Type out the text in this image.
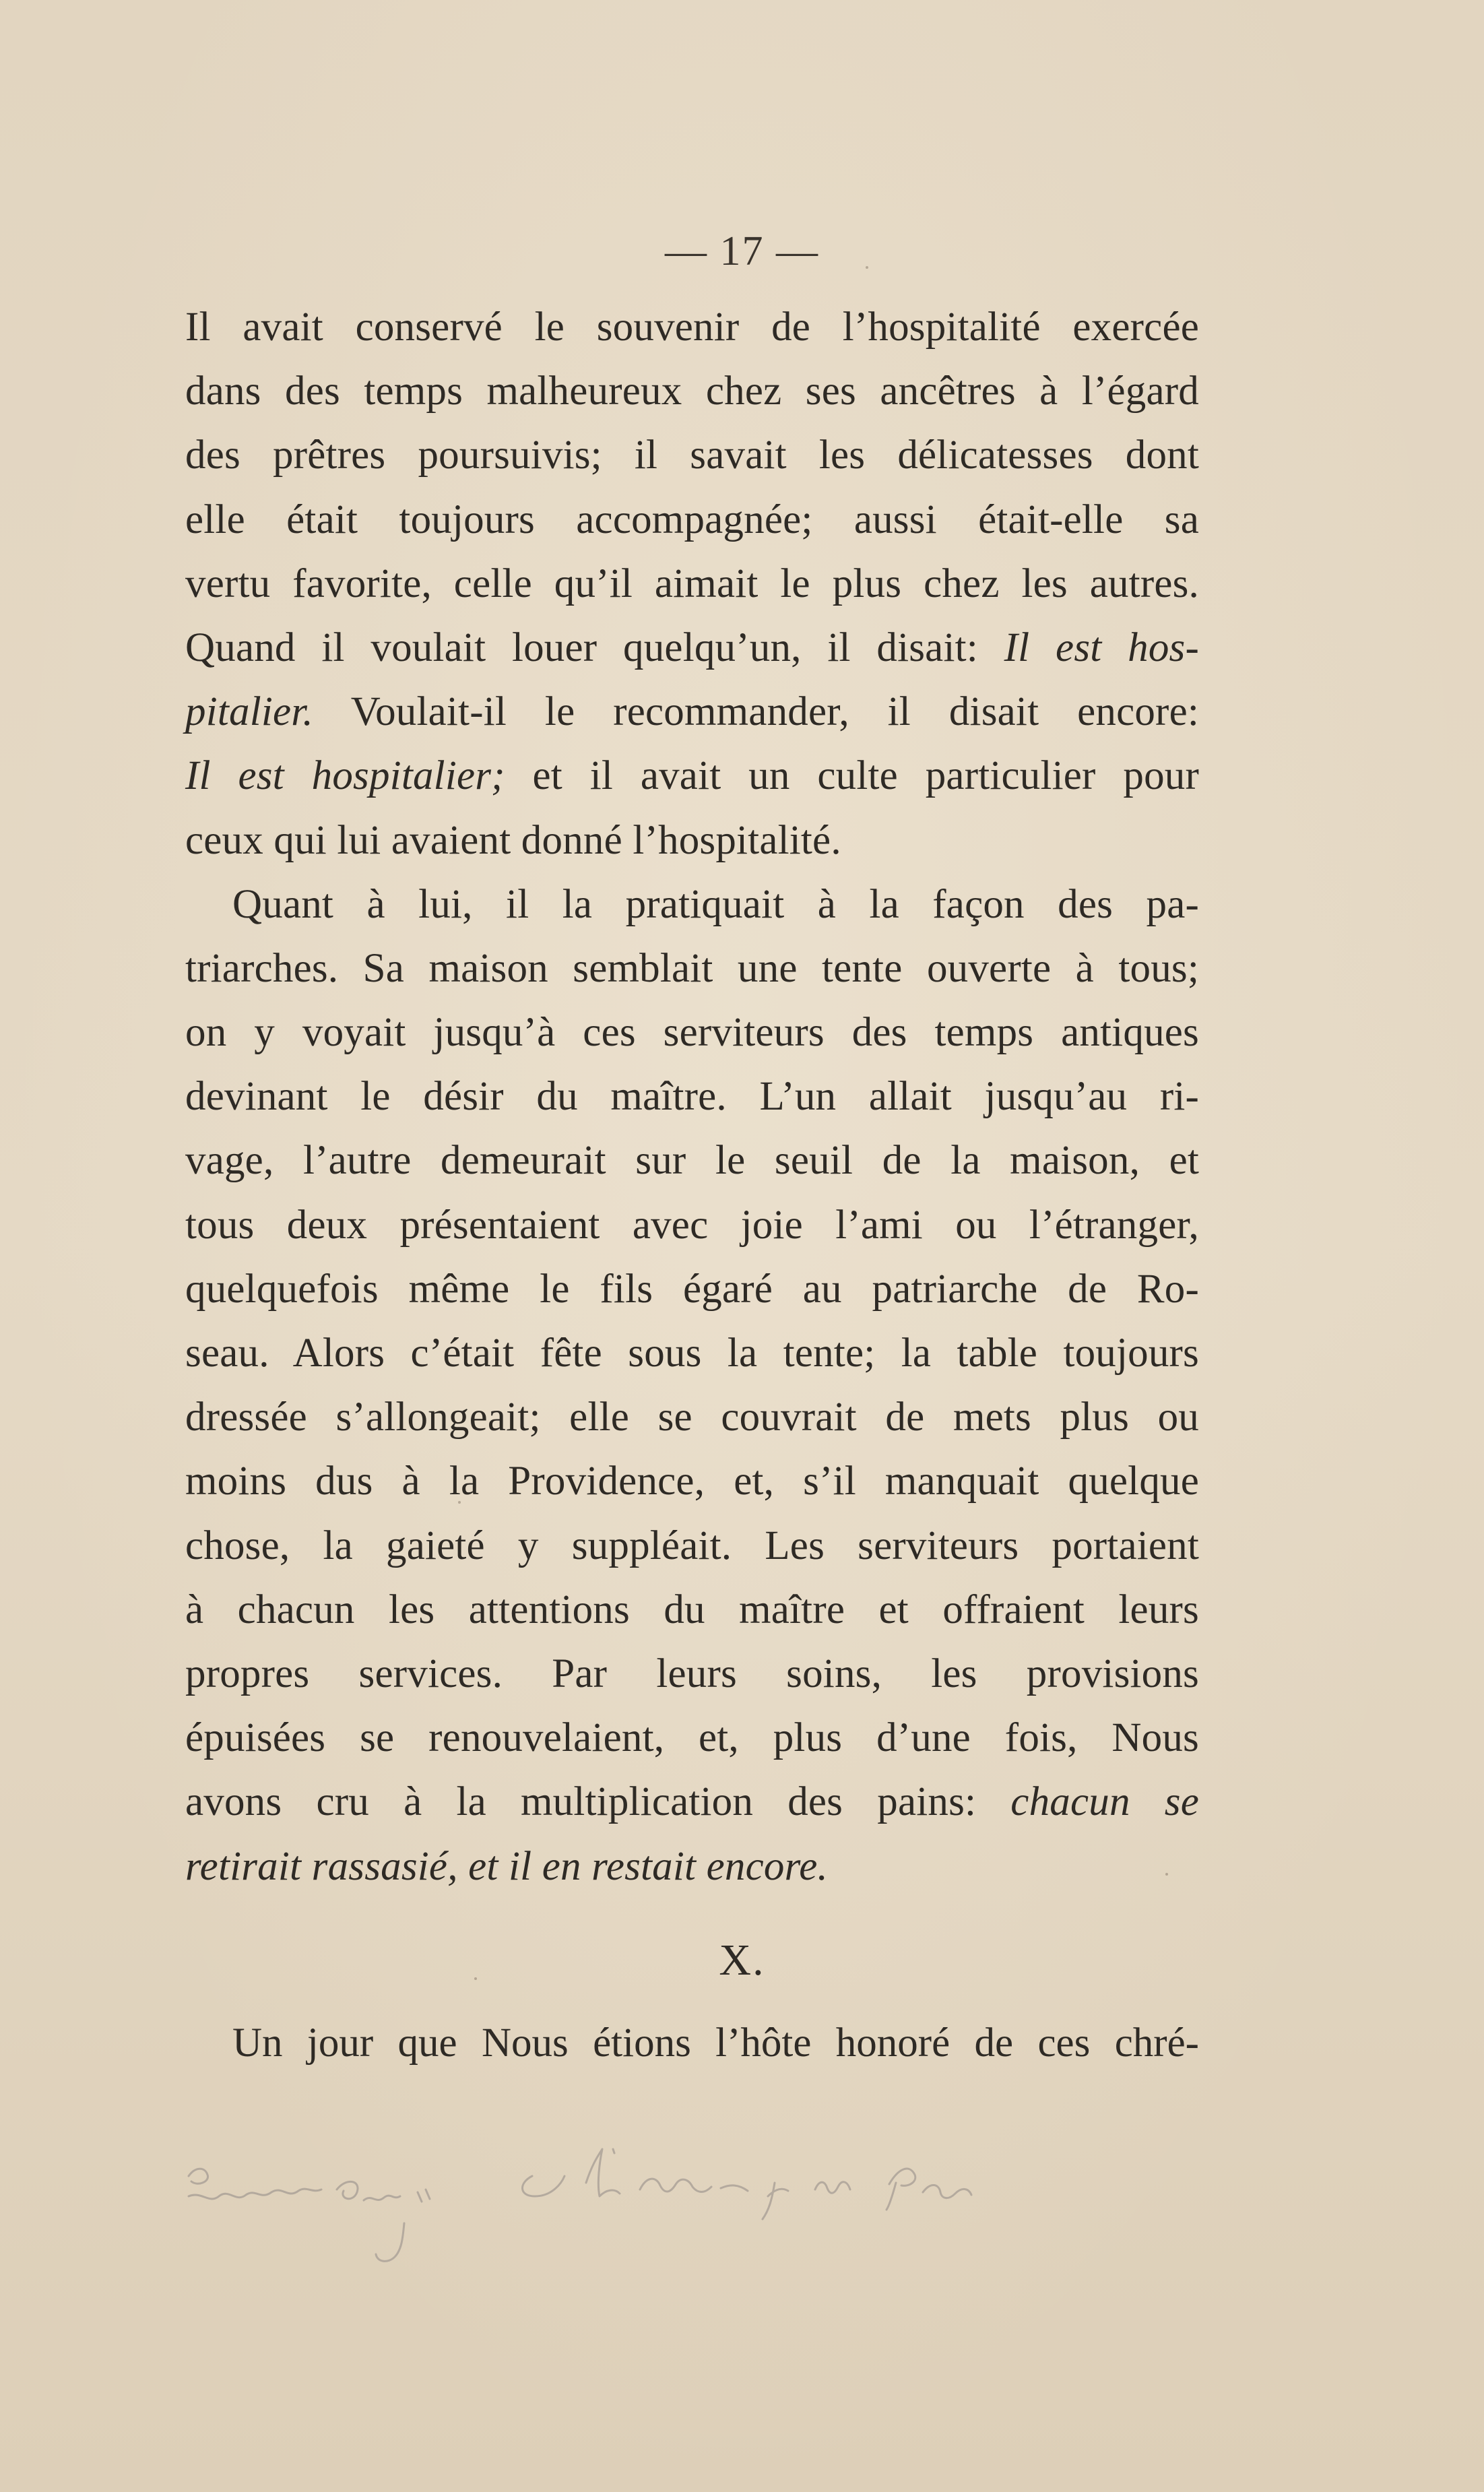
— 17 —
Il avait conservé le souvenir de l’hospitalité exercée
dans des temps malheureux chez ses ancêtres à l’égard
des prêtres poursuivis; il savait les délicatesses dont
elle était toujours accompagnée; aussi était-elle sa
vertu favorite, celle qu’il aimait le plus chez les autres.
Quand il voulait louer quelqu’un, il disait: Il est hos-
pitalier. Voulait-il le recommander, il disait encore:
Il est hospitalier; et il avait un culte particulier pour
ceux qui lui avaient donné l’hospitalité.
Quant à lui, il la pratiquait à la façon des pa-
triarches. Sa maison semblait une tente ouverte à tous;
on y voyait jusqu’à ces serviteurs des temps antiques
devinant le désir du maître. L’un allait jusqu’au ri-
vage, l’autre demeurait sur le seuil de la maison, et
tous deux présentaient avec joie l’ami ou l’étranger,
quelquefois même le fils égaré au patriarche de Ro-
seau. Alors c’était fête sous la tente; la table toujours
dressée s’allongeait; elle se couvrait de mets plus ou
moins dus à la Providence, et, s’il manquait quelque
chose, la gaieté y suppléait. Les serviteurs portaient
à chacun les attentions du maître et offraient leurs
propres services. Par leurs soins, les provisions
épuisées se renouvelaient, et, plus d’une fois, Nous
avons cru à la multiplication des pains: chacun se
retirait rassasié, et il en restait encore.
X.
Un jour que Nous étions l’hôte honoré de ces chré-
